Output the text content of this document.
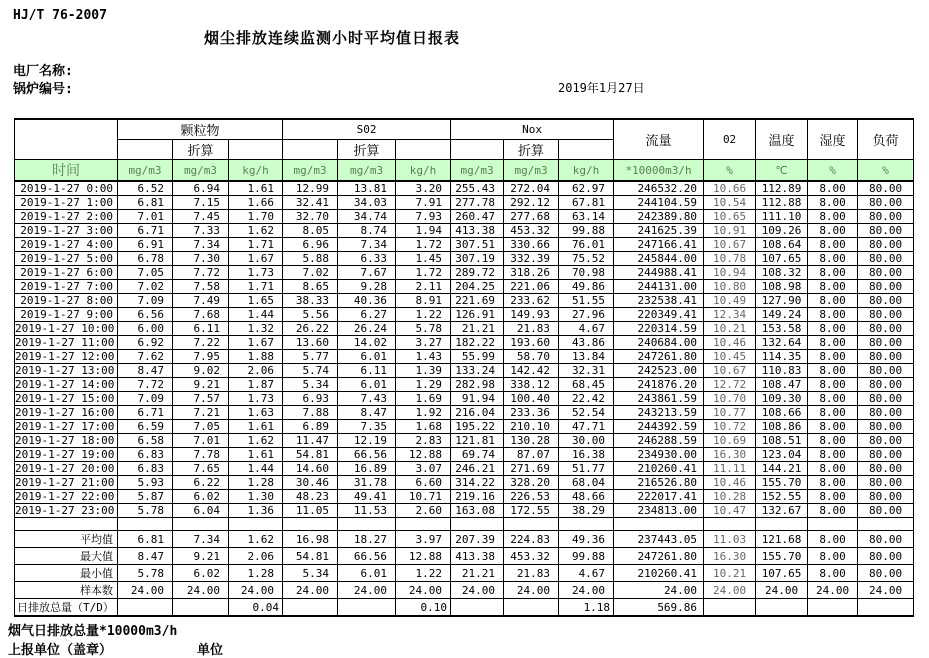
HJ/T 76-2007
烟尘排放连续监测小时平均值日报表
电厂名称:
锅炉编号:	2019年1月27日
	颗粒物			S02			Nox			流量	02	温度	湿度	负荷
		折算			折算			折算						
时间	mg/m3	mg/m3	kg/h	mg/m3	mg/m3	kg/h	mg/m3	mg/m3	kg/h	*10000m3/h	%	℃	%	%
2019-1-27 0:00	6.52	6.94	1.61	12.99	13.81	3.20	255.43	272.04	62.97	246532.20	10.66	112.89	8.00	80.00
2019-1-27 1:00	6.81	7.15	1.66	32.41	34.03	7.91	277.78	292.12	67.81	244104.59	10.54	112.88	8.00	80.00
2019-1-27 2:00	7.01	7.45	1.70	32.70	34.74	7.93	260.47	277.68	63.14	242389.80	10.65	111.10	8.00	80.00
2019-1-27 3:00	6.71	7.33	1.62	8.05	8.74	1.94	413.38	453.32	99.88	241625.39	10.91	109.26	8.00	80.00
2019-1-27 4:00	6.91	7.34	1.71	6.96	7.34	1.72	307.51	330.66	76.01	247166.41	10.67	108.64	8.00	80.00
2019-1-27 5:00	6.78	7.30	1.67	5.88	6.33	1.45	307.19	332.39	75.52	245844.00	10.78	107.65	8.00	80.00
2019-1-27 6:00	7.05	7.72	1.73	7.02	7.67	1.72	289.72	318.26	70.98	244988.41	10.94	108.32	8.00	80.00
2019-1-27 7:00	7.02	7.58	1.71	8.65	9.28	2.11	204.25	221.06	49.86	244131.00	10.80	108.98	8.00	80.00
2019-1-27 8:00	7.09	7.49	1.65	38.33	40.36	8.91	221.69	233.62	51.55	232538.41	10.49	127.90	8.00	80.00
2019-1-27 9:00	6.56	7.68	1.44	5.56	6.27	1.22	126.91	149.93	27.96	220349.41	12.34	149.24	8.00	80.00
2019-1-27 10:00	6.00	6.11	1.32	26.22	26.24	5.78	21.21	21.83	4.67	220314.59	10.21	153.58	8.00	80.00
2019-1-27 11:00	6.92	7.22	1.67	13.60	14.02	3.27	182.22	193.60	43.86	240684.00	10.46	132.64	8.00	80.00
2019-1-27 12:00	7.62	7.95	1.88	5.77	6.01	1.43	55.99	58.70	13.84	247261.80	10.45	114.35	8.00	80.00
2019-1-27 13:00	8.47	9.02	2.06	5.74	6.11	1.39	133.24	142.42	32.31	242523.00	10.67	110.83	8.00	80.00
2019-1-27 14:00	7.72	9.21	1.87	5.34	6.01	1.29	282.98	338.12	68.45	241876.20	12.72	108.47	8.00	80.00
2019-1-27 15:00	7.09	7.57	1.73	6.93	7.43	1.69	91.94	100.40	22.42	243861.59	10.70	109.30	8.00	80.00
2019-1-27 16:00	6.71	7.21	1.63	7.88	8.47	1.92	216.04	233.36	52.54	243213.59	10.77	108.66	8.00	80.00
2019-1-27 17:00	6.59	7.05	1.61	6.89	7.35	1.68	195.22	210.10	47.71	244392.59	10.72	108.86	8.00	80.00
2019-1-27 18:00	6.58	7.01	1.62	11.47	12.19	2.83	121.81	130.28	30.00	246288.59	10.69	108.51	8.00	80.00
2019-1-27 19:00	6.83	7.78	1.61	54.81	66.56	12.88	69.74	87.07	16.38	234930.00	16.30	123.04	8.00	80.00
2019-1-27 20:00	6.83	7.65	1.44	14.60	16.89	3.07	246.21	271.69	51.77	210260.41	11.11	144.21	8.00	80.00
2019-1-27 21:00	5.93	6.22	1.28	30.46	31.78	6.60	314.22	328.20	68.04	216526.80	10.46	155.70	8.00	80.00
2019-1-27 22:00	5.87	6.02	1.30	48.23	49.41	10.71	219.16	226.53	48.66	222017.41	10.28	152.55	8.00	80.00
2019-1-27 23:00	5.78	6.04	1.36	11.05	11.53	2.60	163.08	172.55	38.29	234813.00	10.47	132.67	8.00	80.00

平均值	6.81	7.34	1.62	16.98	18.27	3.97	207.39	224.83	49.36	237443.05	11.03	121.68	8.00	80.00
最大值	8.47	9.21	2.06	54.81	66.56	12.88	413.38	453.32	99.88	247261.80	16.30	155.70	8.00	80.00
最小值	5.78	6.02	1.28	5.34	6.01	1.22	21.21	21.83	4.67	210260.41	10.21	107.65	8.00	80.00
样本数	24.00	24.00	24.00	24.00	24.00	24.00	24.00	24.00	24.00	24.00	24.00	24.00	24.00	24.00
日排放总量（T/D）			0.04			0.10			1.18	569.86				
烟气日排放总量*10000m3/h
上报单位（盖章）	单位
